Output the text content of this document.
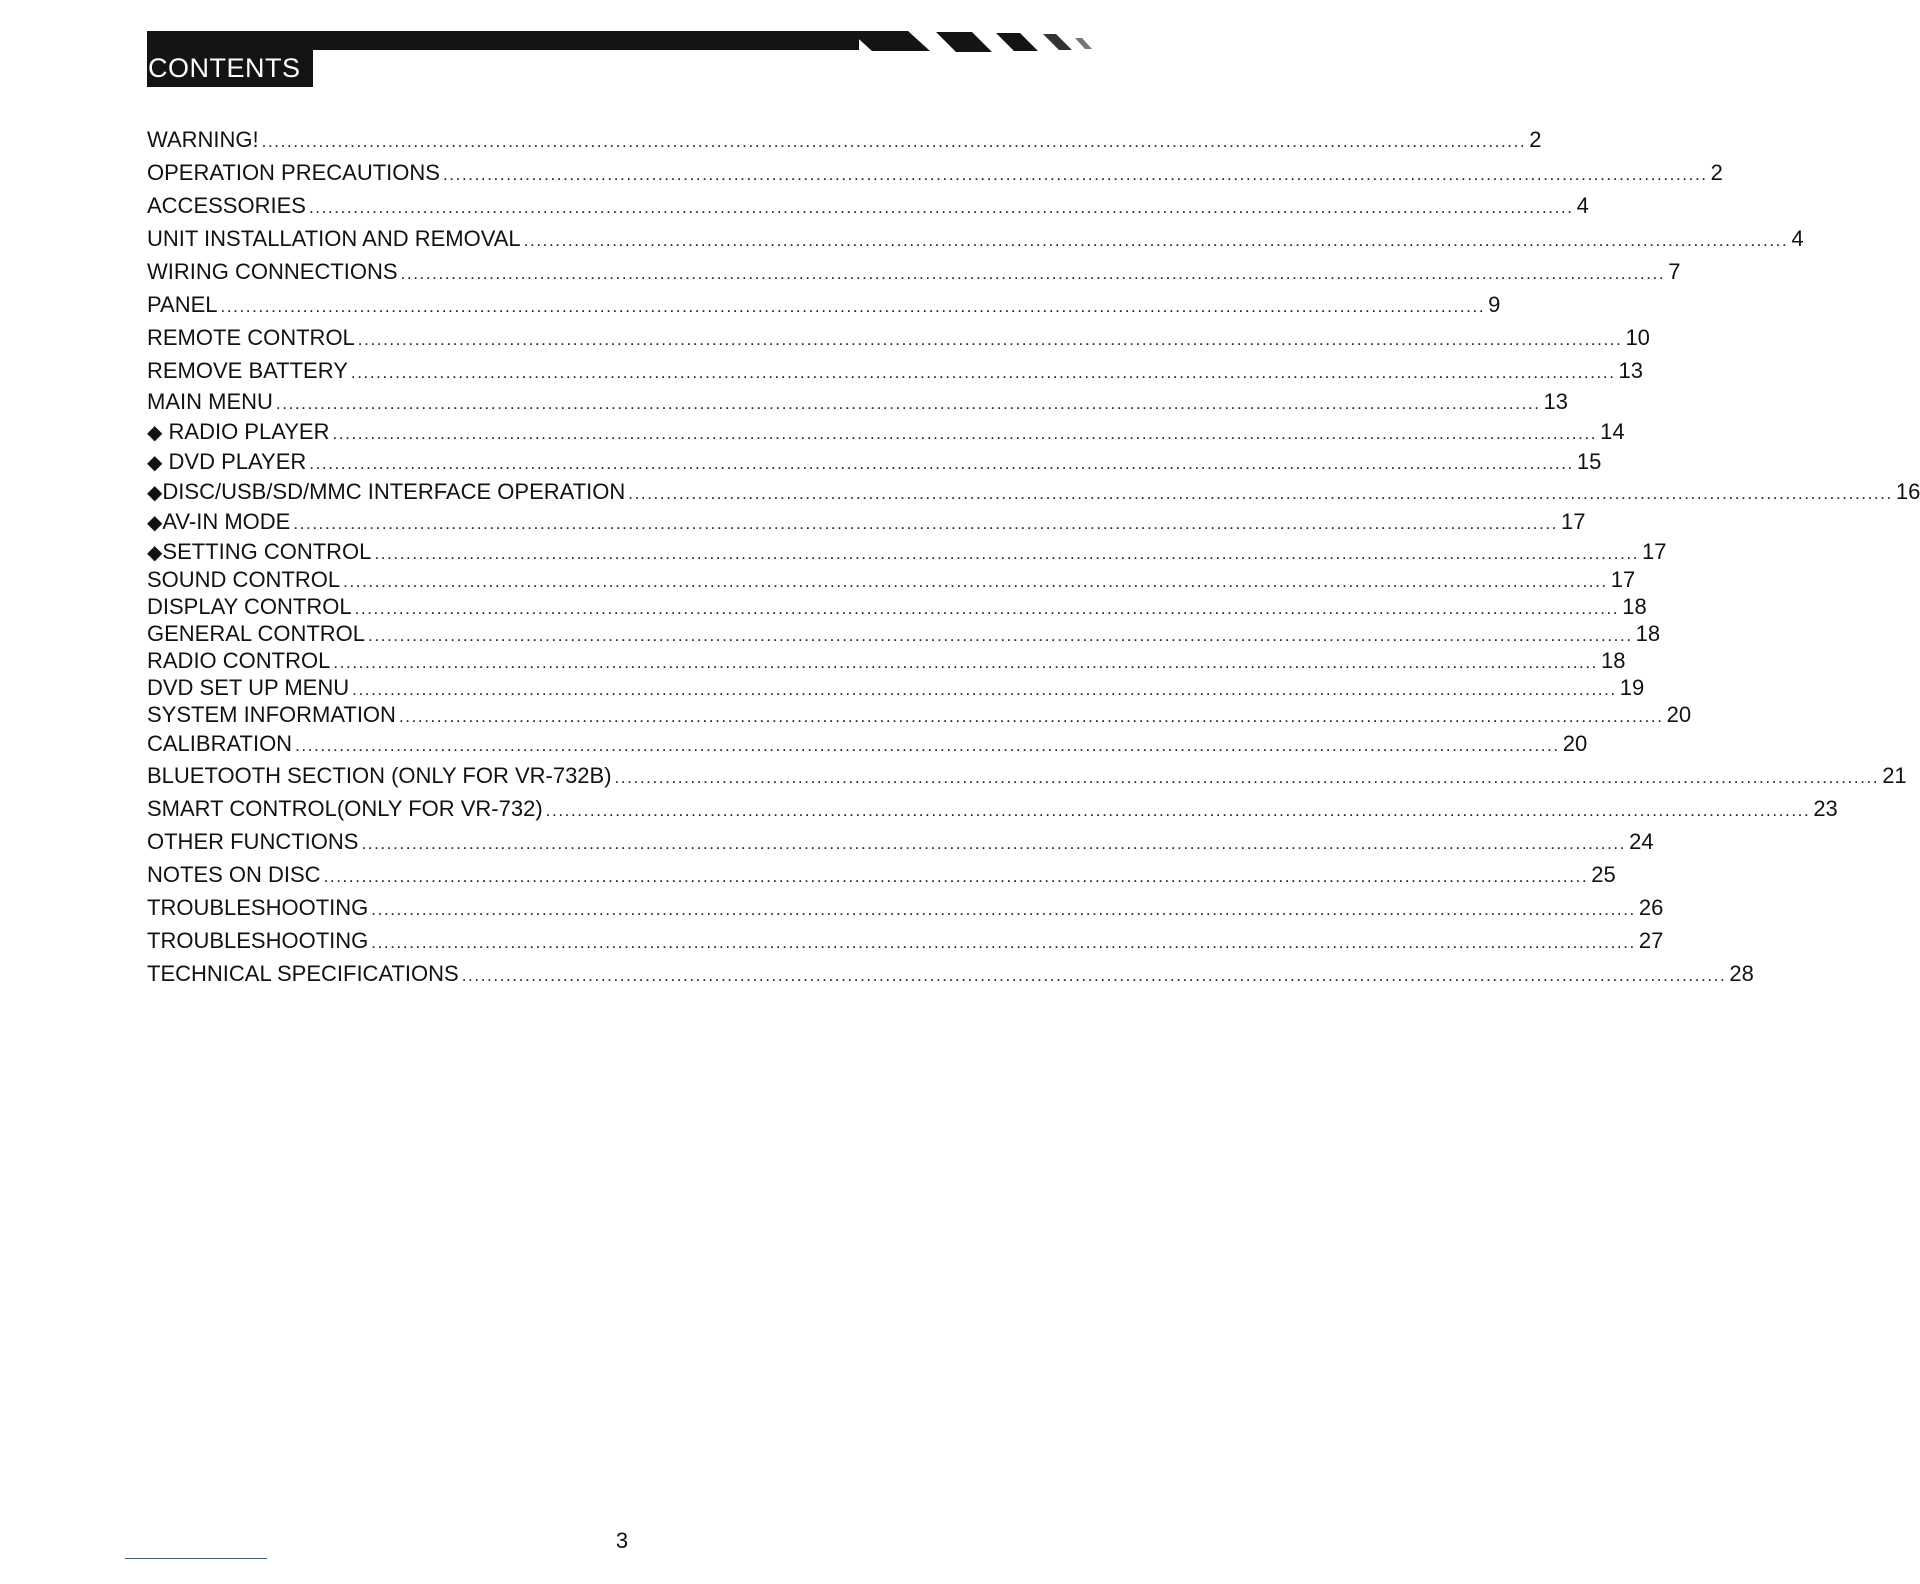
CONTENTS
WARNING! ........................................................................................................................................................................................................ 2
OPERATION PRECAUTIONS ........................................................................................................................................................................................................ 2
ACCESSORIES ........................................................................................................................................................................................................ 4
UNIT INSTALLATION AND REMOVAL ........................................................................................................................................................................................................ 4
WIRING CONNECTIONS ........................................................................................................................................................................................................ 7
PANEL ........................................................................................................................................................................................................ 9
REMOTE CONTROL ........................................................................................................................................................................................................ 10
REMOVE BATTERY ........................................................................................................................................................................................................ 13
MAIN MENU ........................................................................................................................................................................................................ 13
◆ RADIO PLAYER ........................................................................................................................................................................................................ 14
◆ DVD PLAYER ........................................................................................................................................................................................................ 15
◆DISC/USB/SD/MMC INTERFACE OPERATION ........................................................................................................................................................................................................ 16
◆AV-IN MODE ........................................................................................................................................................................................................ 17
◆SETTING CONTROL ........................................................................................................................................................................................................ 17
SOUND CONTROL ........................................................................................................................................................................................................ 17
DISPLAY CONTROL ........................................................................................................................................................................................................ 18
GENERAL CONTROL ........................................................................................................................................................................................................ 18
RADIO CONTROL ........................................................................................................................................................................................................ 18
DVD SET UP MENU ........................................................................................................................................................................................................ 19
SYSTEM INFORMATION ........................................................................................................................................................................................................ 20
CALIBRATION ........................................................................................................................................................................................................ 20
BLUETOOTH SECTION (ONLY FOR VR-732B) ........................................................................................................................................................................................................ 21
SMART CONTROL(ONLY FOR VR-732) ........................................................................................................................................................................................................ 23
OTHER FUNCTIONS ........................................................................................................................................................................................................ 24
NOTES ON DISC ........................................................................................................................................................................................................ 25
TROUBLESHOOTING ........................................................................................................................................................................................................ 26
TROUBLESHOOTING ........................................................................................................................................................................................................ 27
TECHNICAL SPECIFICATIONS ........................................................................................................................................................................................................ 28
3
